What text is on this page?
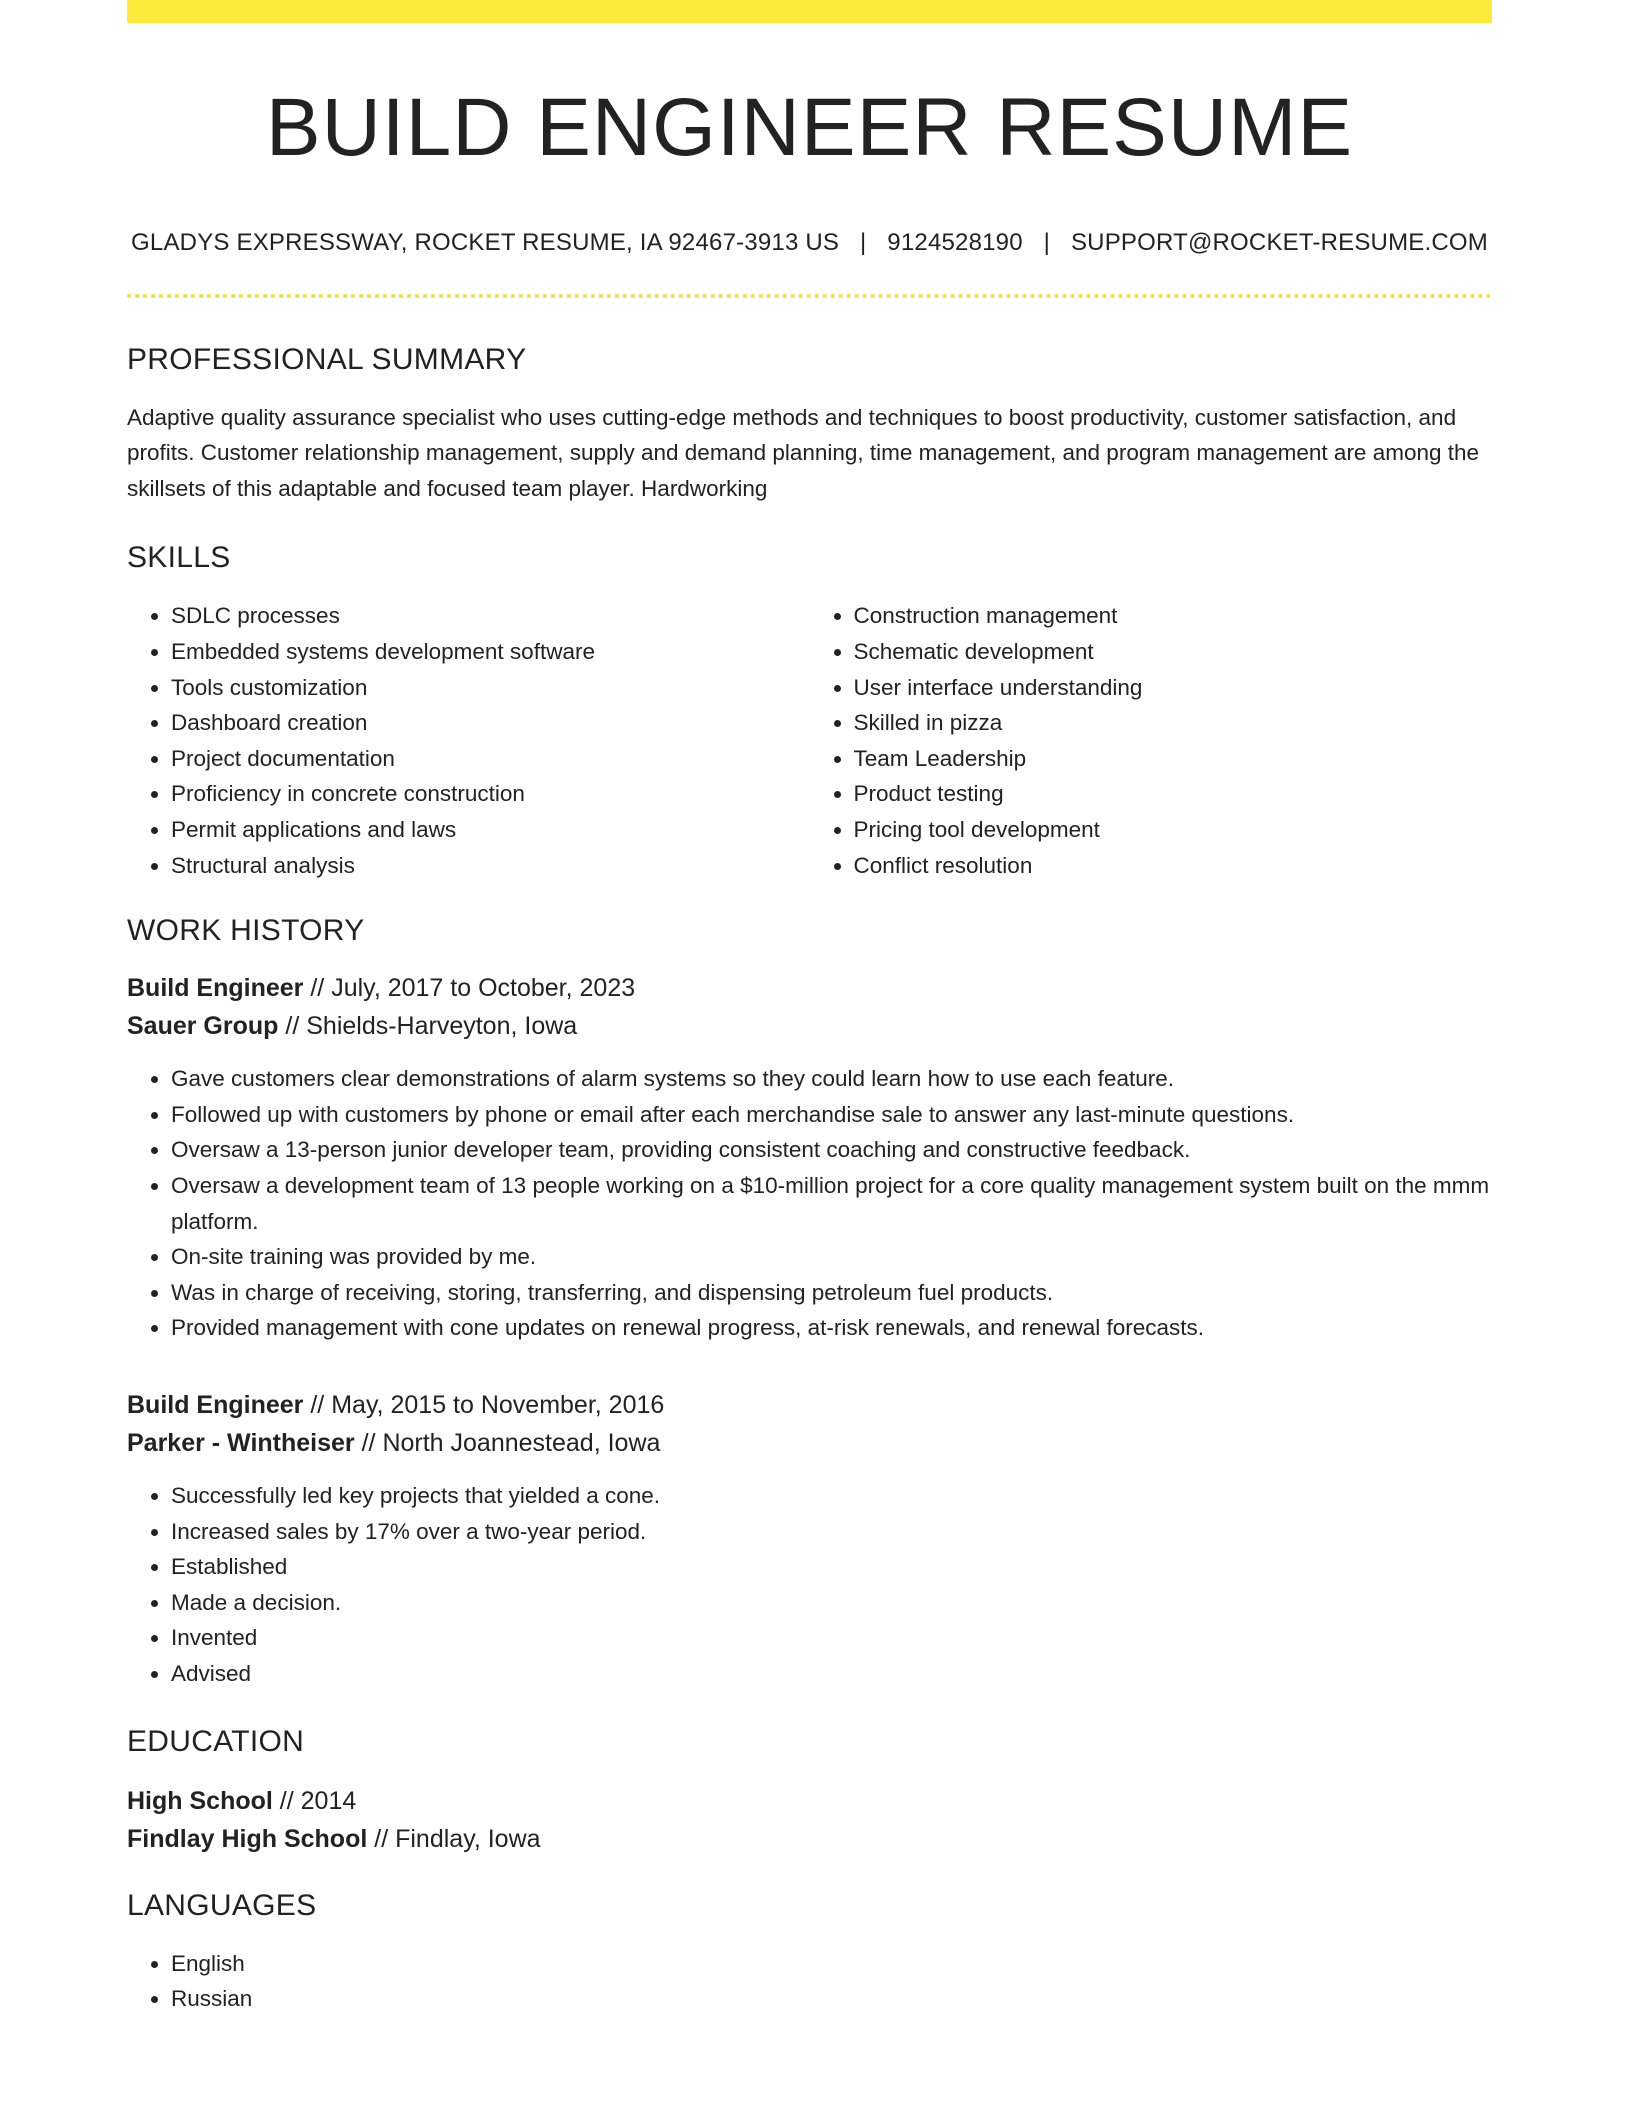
BUILD ENGINEER RESUME
GLADYS EXPRESSWAY, ROCKET RESUME, IA 92467-3913 US | 9124528190 | SUPPORT@ROCKET-RESUME.COM
PROFESSIONAL SUMMARY
Adaptive quality assurance specialist who uses cutting-edge methods and techniques to boost productivity, customer satisfaction, and profits. Customer relationship management, supply and demand planning, time management, and program management are among the skillsets of this adaptable and focused team player. Hardworking
SKILLS
• SDLC processes
• Embedded systems development software
• Tools customization
• Dashboard creation
• Project documentation
• Proficiency in concrete construction
• Permit applications and laws
• Structural analysis
• Construction management
• Schematic development
• User interface understanding
• Skilled in pizza
• Team Leadership
• Product testing
• Pricing tool development
• Conflict resolution
WORK HISTORY
Build Engineer // July, 2017 to October, 2023
Sauer Group // Shields-Harveyton, Iowa
• Gave customers clear demonstrations of alarm systems so they could learn how to use each feature.
• Followed up with customers by phone or email after each merchandise sale to answer any last-minute questions.
• Oversaw a 13-person junior developer team, providing consistent coaching and constructive feedback.
• Oversaw a development team of 13 people working on a $10-million project for a core quality management system built on the mmm platform.
• On-site training was provided by me.
• Was in charge of receiving, storing, transferring, and dispensing petroleum fuel products.
• Provided management with cone updates on renewal progress, at-risk renewals, and renewal forecasts.
Build Engineer // May, 2015 to November, 2016
Parker - Wintheiser // North Joannestead, Iowa
• Successfully led key projects that yielded a cone.
• Increased sales by 17% over a two-year period.
• Established
• Made a decision.
• Invented
• Advised
EDUCATION
High School // 2014
Findlay High School // Findlay, Iowa
LANGUAGES
• English
• Russian
